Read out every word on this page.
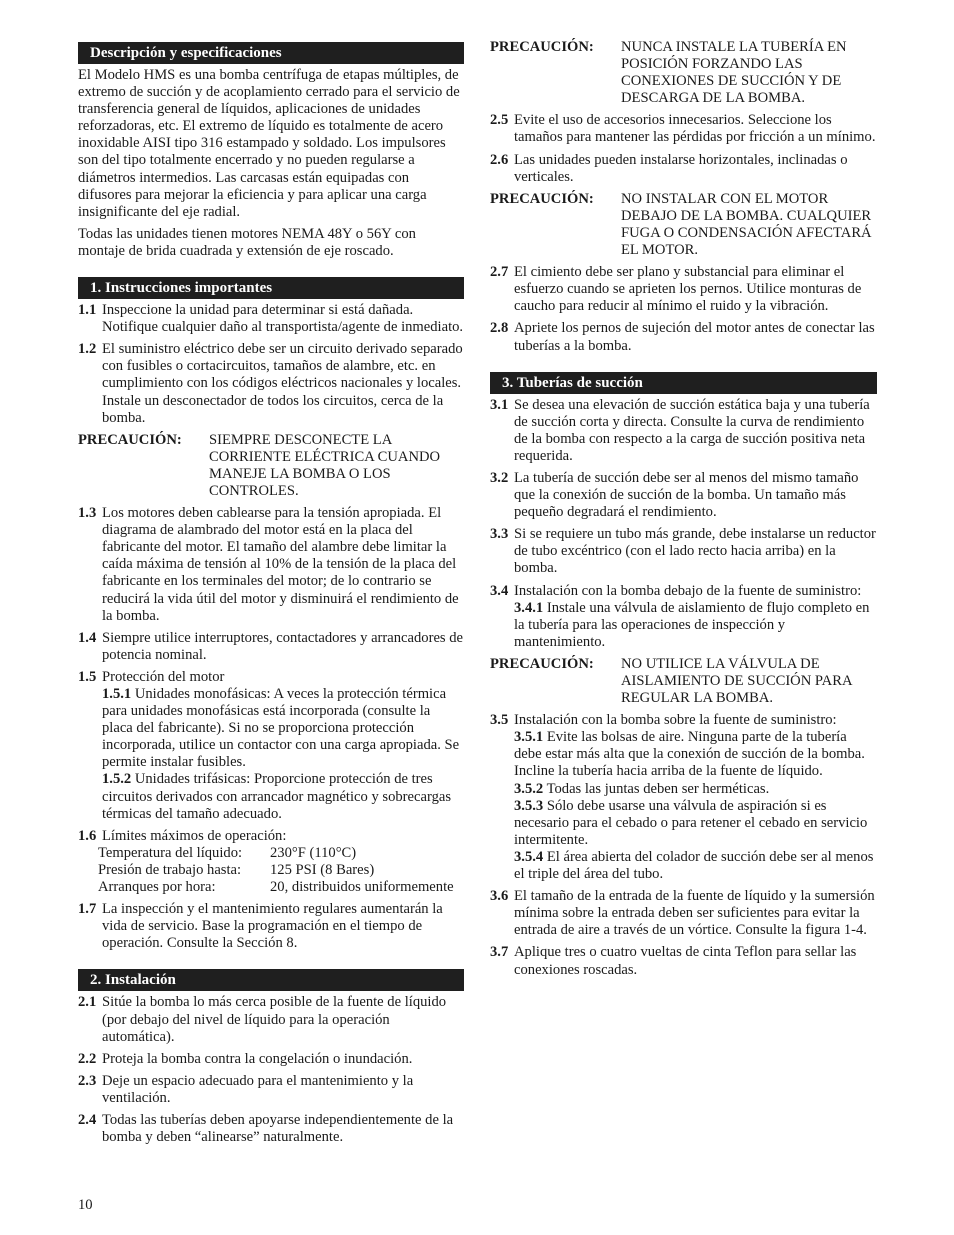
Descripción y especificaciones
El Modelo HMS es una bomba centrífuga de etapas múltiples, de extremo de succión y de acoplamiento cerrado para el servicio de transferencia general de líquidos, aplicaciones de unidades reforzadoras, etc. El extremo de líquido es totalmente de acero inoxidable AISI tipo 316 estampado y soldado. Los impulsores son del tipo totalmente encerrado y no pueden regularse a diámetros intermedios. Las carcasas están equipadas con difusores para mejorar la eficiencia y para aplicar una carga insignificante del eje radial.
Todas las unidades tienen motores NEMA 48Y o 56Y con montaje de brida cuadrada y extensión de eje roscado.
1. Instrucciones importantes
1.1 Inspeccione la unidad para determinar si está dañada. Notifique cualquier daño al transportista/agente de inmediato.
1.2 El suministro eléctrico debe ser un circuito derivado separado con fusibles o cortacircuitos, tamaños de alambre, etc. en cumplimiento con los códigos eléctricos nacionales y locales. Instale un desconectador de todos los circuitos, cerca de la bomba.
PRECAUCIÓN:	SIEMPRE DESCONECTE LA CORRIENTE ELÉCTRICA CUANDO MANEJE LA BOMBA O LOS CONTROLES.
1.3 Los motores deben cablearse para la tensión apropiada. El diagrama de alambrado del motor está en la placa del fabricante del motor. El tamaño del alambre debe limitar la caída máxima de tensión al 10% de la tensión de la placa del fabricante en los terminales del motor; de lo contrario se reducirá la vida útil del motor y disminuirá el rendimiento de la bomba.
1.4 Siempre utilice interruptores, contactadores y arrancadores de potencia nominal.
1.5 Protección del motor
1.5.1 Unidades monofásicas: A veces la protección térmica para unidades monofásicas está incorporada (consulte la placa del fabricante). Si no se proporciona protección incorporada, utilice un contactor con una carga apropiada. Se permite instalar fusibles.
1.5.2 Unidades trifásicas: Proporcione protección de tres circuitos derivados con arrancador magnético y sobrecargas térmicas del tamaño adecuado.
1.6 Límites máximos de operación:
Temperatura del líquido:	230°F (110°C)
Presión de trabajo hasta:	125 PSI (8 Bares)
Arranques por hora:	20, distribuidos uniformemente
1.7 La inspección y el mantenimiento regulares aumentarán la vida de servicio. Base la programación en el tiempo de operación. Consulte la Sección 8.
2. Instalación
2.1 Sitúe la bomba lo más cerca posible de la fuente de líquido (por debajo del nivel de líquido para la operación automática).
2.2 Proteja la bomba contra la congelación o inundación.
2.3 Deje un espacio adecuado para el mantenimiento y la ventilación.
2.4 Todas las tuberías deben apoyarse independientemente de la bomba y deben “alinearse” naturalmente.
PRECAUCIÓN:	NUNCA INSTALE LA TUBERÍA EN POSICIÓN FORZANDO LAS CONEXIONES DE SUCCIÓN Y DE DESCARGA DE LA BOMBA.
2.5 Evite el uso de accesorios innecesarios. Seleccione los tamaños para mantener las pérdidas por fricción a un mínimo.
2.6 Las unidades pueden instalarse horizontales, inclinadas o verticales.
PRECAUCIÓN:	NO INSTALAR CON EL MOTOR DEBAJO DE LA BOMBA. CUALQUIER FUGA O CONDENSACIÓN AFECTARÁ EL MOTOR.
2.7 El cimiento debe ser plano y substancial para eliminar el esfuerzo cuando se aprieten los pernos. Utilice monturas de caucho para reducir al mínimo el ruido y la vibración.
2.8 Apriete los pernos de sujeción del motor antes de conectar las tuberías a la bomba.
3. Tuberías de succión
3.1 Se desea una elevación de succión estática baja y una tubería de succión corta y directa. Consulte la curva de rendimiento de la bomba con respecto a la carga de succión positiva neta requerida.
3.2 La tubería de succión debe ser al menos del mismo tamaño que la conexión de succión de la bomba. Un tamaño más pequeño degradará el rendimiento.
3.3 Si se requiere un tubo más grande, debe instalarse un reductor de tubo excéntrico (con el lado recto hacia arriba) en la bomba.
3.4 Instalación con la bomba debajo de la fuente de suministro:
3.4.1 Instale una válvula de aislamiento de flujo completo en la tubería para las operaciones de inspección y mantenimiento.
PRECAUCIÓN:	NO UTILICE LA VÁLVULA DE AISLAMIENTO DE SUCCIÓN PARA REGULAR LA BOMBA.
3.5 Instalación con la bomba sobre la fuente de suministro:
3.5.1 Evite las bolsas de aire. Ninguna parte de la tubería debe estar más alta que la conexión de succión de la bomba. Incline la tubería hacia arriba de la fuente de líquido.
3.5.2 Todas las juntas deben ser herméticas.
3.5.3 Sólo debe usarse una válvula de aspiración si es necesario para el cebado o para retener el cebado en servicio intermitente.
3.5.4 El área abierta del colador de succión debe ser al menos el triple del área del tubo.
3.6 El tamaño de la entrada de la fuente de líquido y la sumersión mínima sobre la entrada deben ser suficientes para evitar la entrada de aire a través de un vórtice. Consulte la figura 1-4.
3.7 Aplique tres o cuatro vueltas de cinta Teflon para sellar las conexiones roscadas.
10
